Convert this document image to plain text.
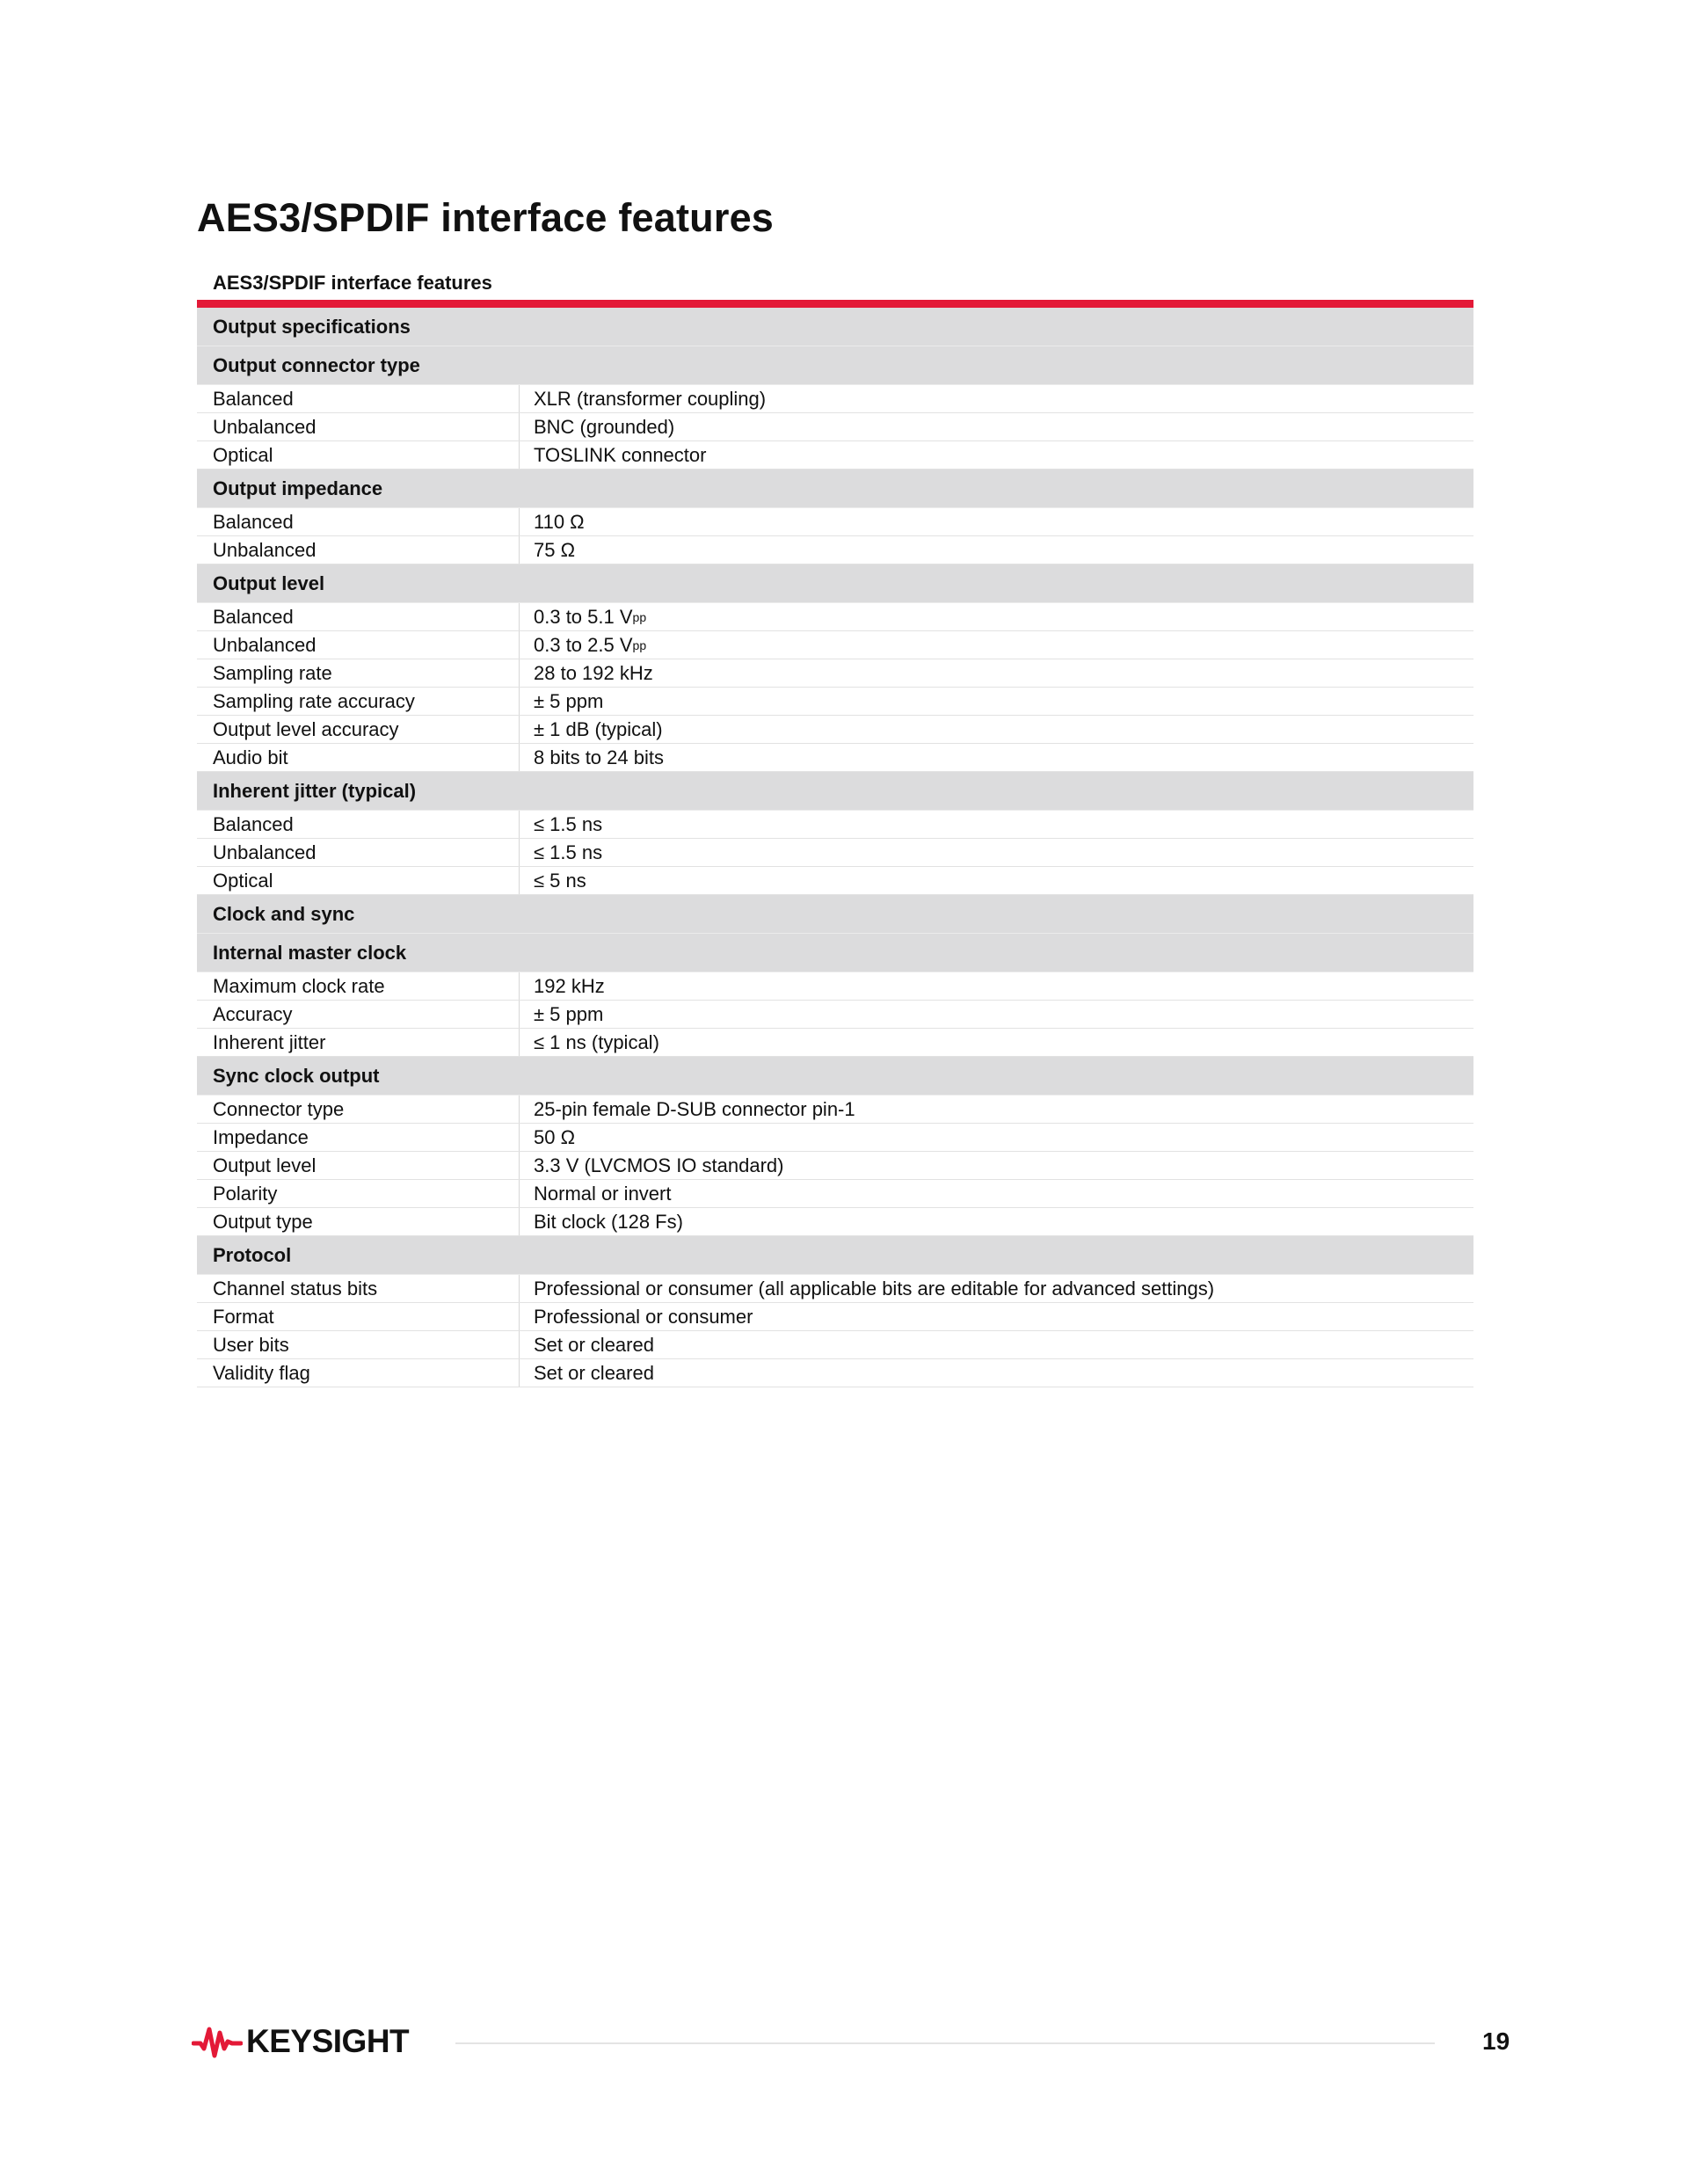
AES3/SPDIF interface features
AES3/SPDIF interface features
Output specifications
Output connector type
Balanced	XLR (transformer coupling)
Unbalanced	BNC (grounded)
Optical	TOSLINK connector
Output impedance
Balanced	110 Ω
Unbalanced	75 Ω
Output level
Balanced	0.3 to 5.1 V pp
Unbalanced	0.3 to 2.5 V pp
Sampling rate	28 to 192 kHz
Sampling rate accuracy	± 5 ppm
Output level accuracy	± 1 dB (typical)
Audio bit	8 bits to 24 bits
Inherent jitter (typical)
Balanced	≤ 1.5 ns
Unbalanced	≤ 1.5 ns
Optical	≤ 5 ns
Clock and sync
Internal master clock
Maximum clock rate	192 kHz
Accuracy	± 5 ppm
Inherent jitter	≤ 1 ns (typical)
Sync clock output
Connector type	25-pin female D-SUB connector pin-1
Impedance	50 Ω
Output level	3.3 V (LVCMOS IO standard)
Polarity	Normal or invert
Output type	Bit clock (128 Fs)
Protocol
Channel status bits	Professional or consumer (all applicable bits are editable for advanced settings)
Format	Professional or consumer
User bits	Set or cleared
Validity flag	Set or cleared
KEYSIGHT	19
